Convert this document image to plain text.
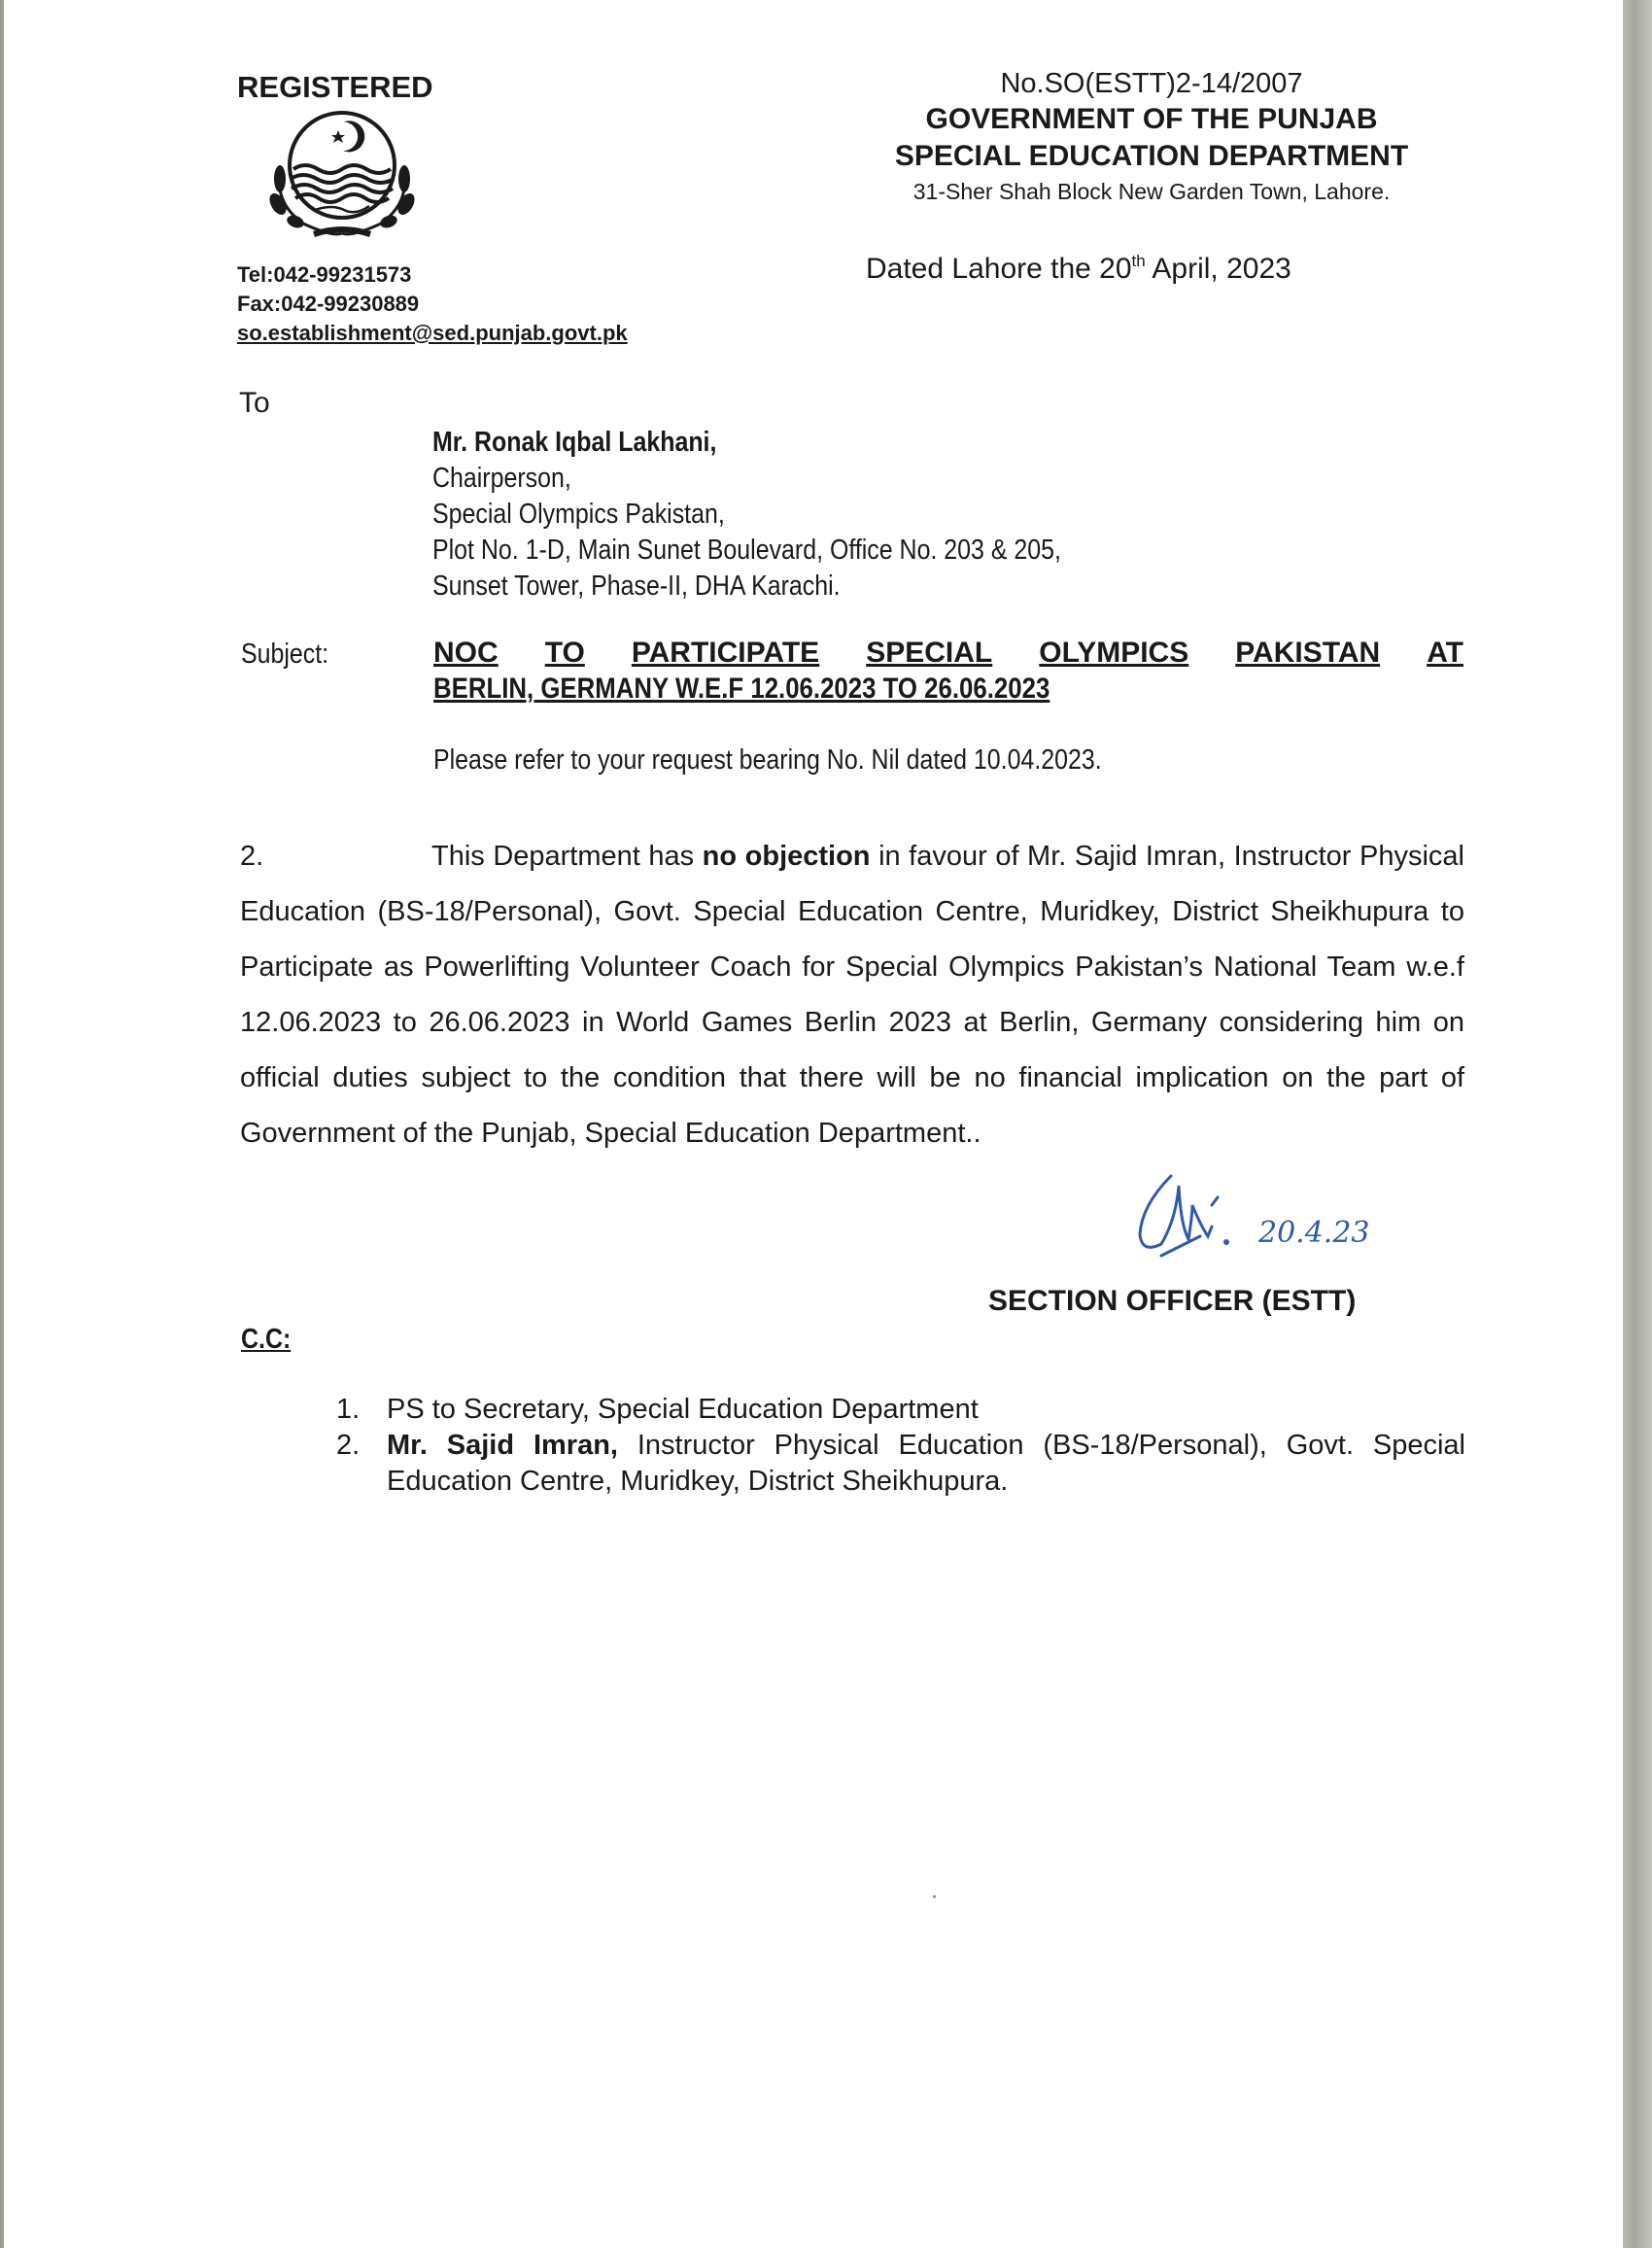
REGISTERED
Tel:042-99231573
Fax:042-99230889
so.establishment@sed.punjab.govt.pk
No.SO(ESTT)2-14/2007
GOVERNMENT OF THE PUNJAB
SPECIAL EDUCATION DEPARTMENT
31-Sher Shah Block New Garden Town, Lahore.
Dated Lahore the 20th April, 2023
To
Mr. Ronak Iqbal Lakhani,
Chairperson,
Special Olympics Pakistan,
Plot No. 1-D, Main Sunet Boulevard, Office No. 203 & 205,
Sunset Tower, Phase-II, DHA Karachi.
Subject:	NOC TO PARTICIPATE SPECIAL OLYMPICS PAKISTAN AT
BERLIN, GERMANY W.E.F 12.06.2023 TO 26.06.2023
Please refer to your request bearing No. Nil dated 10.04.2023.
2.	This Department has no objection in favour of Mr. Sajid Imran, Instructor Physical Education (BS-18/Personal), Govt. Special Education Centre, Muridkey, District Sheikhupura to Participate as Powerlifting Volunteer Coach for Special Olympics Pakistan’s National Team w.e.f 12.06.2023 to 26.06.2023 in World Games Berlin 2023 at Berlin, Germany considering him on official duties subject to the condition that there will be no financial implication on the part of Government of the Punjab, Special Education Department..
20.4.23
SECTION OFFICER (ESTT)
C.C:
1. PS to Secretary, Special Education Department
2. Mr. Sajid Imran, Instructor Physical Education (BS-18/Personal), Govt. Special Education Centre, Muridkey, District Sheikhupura.
